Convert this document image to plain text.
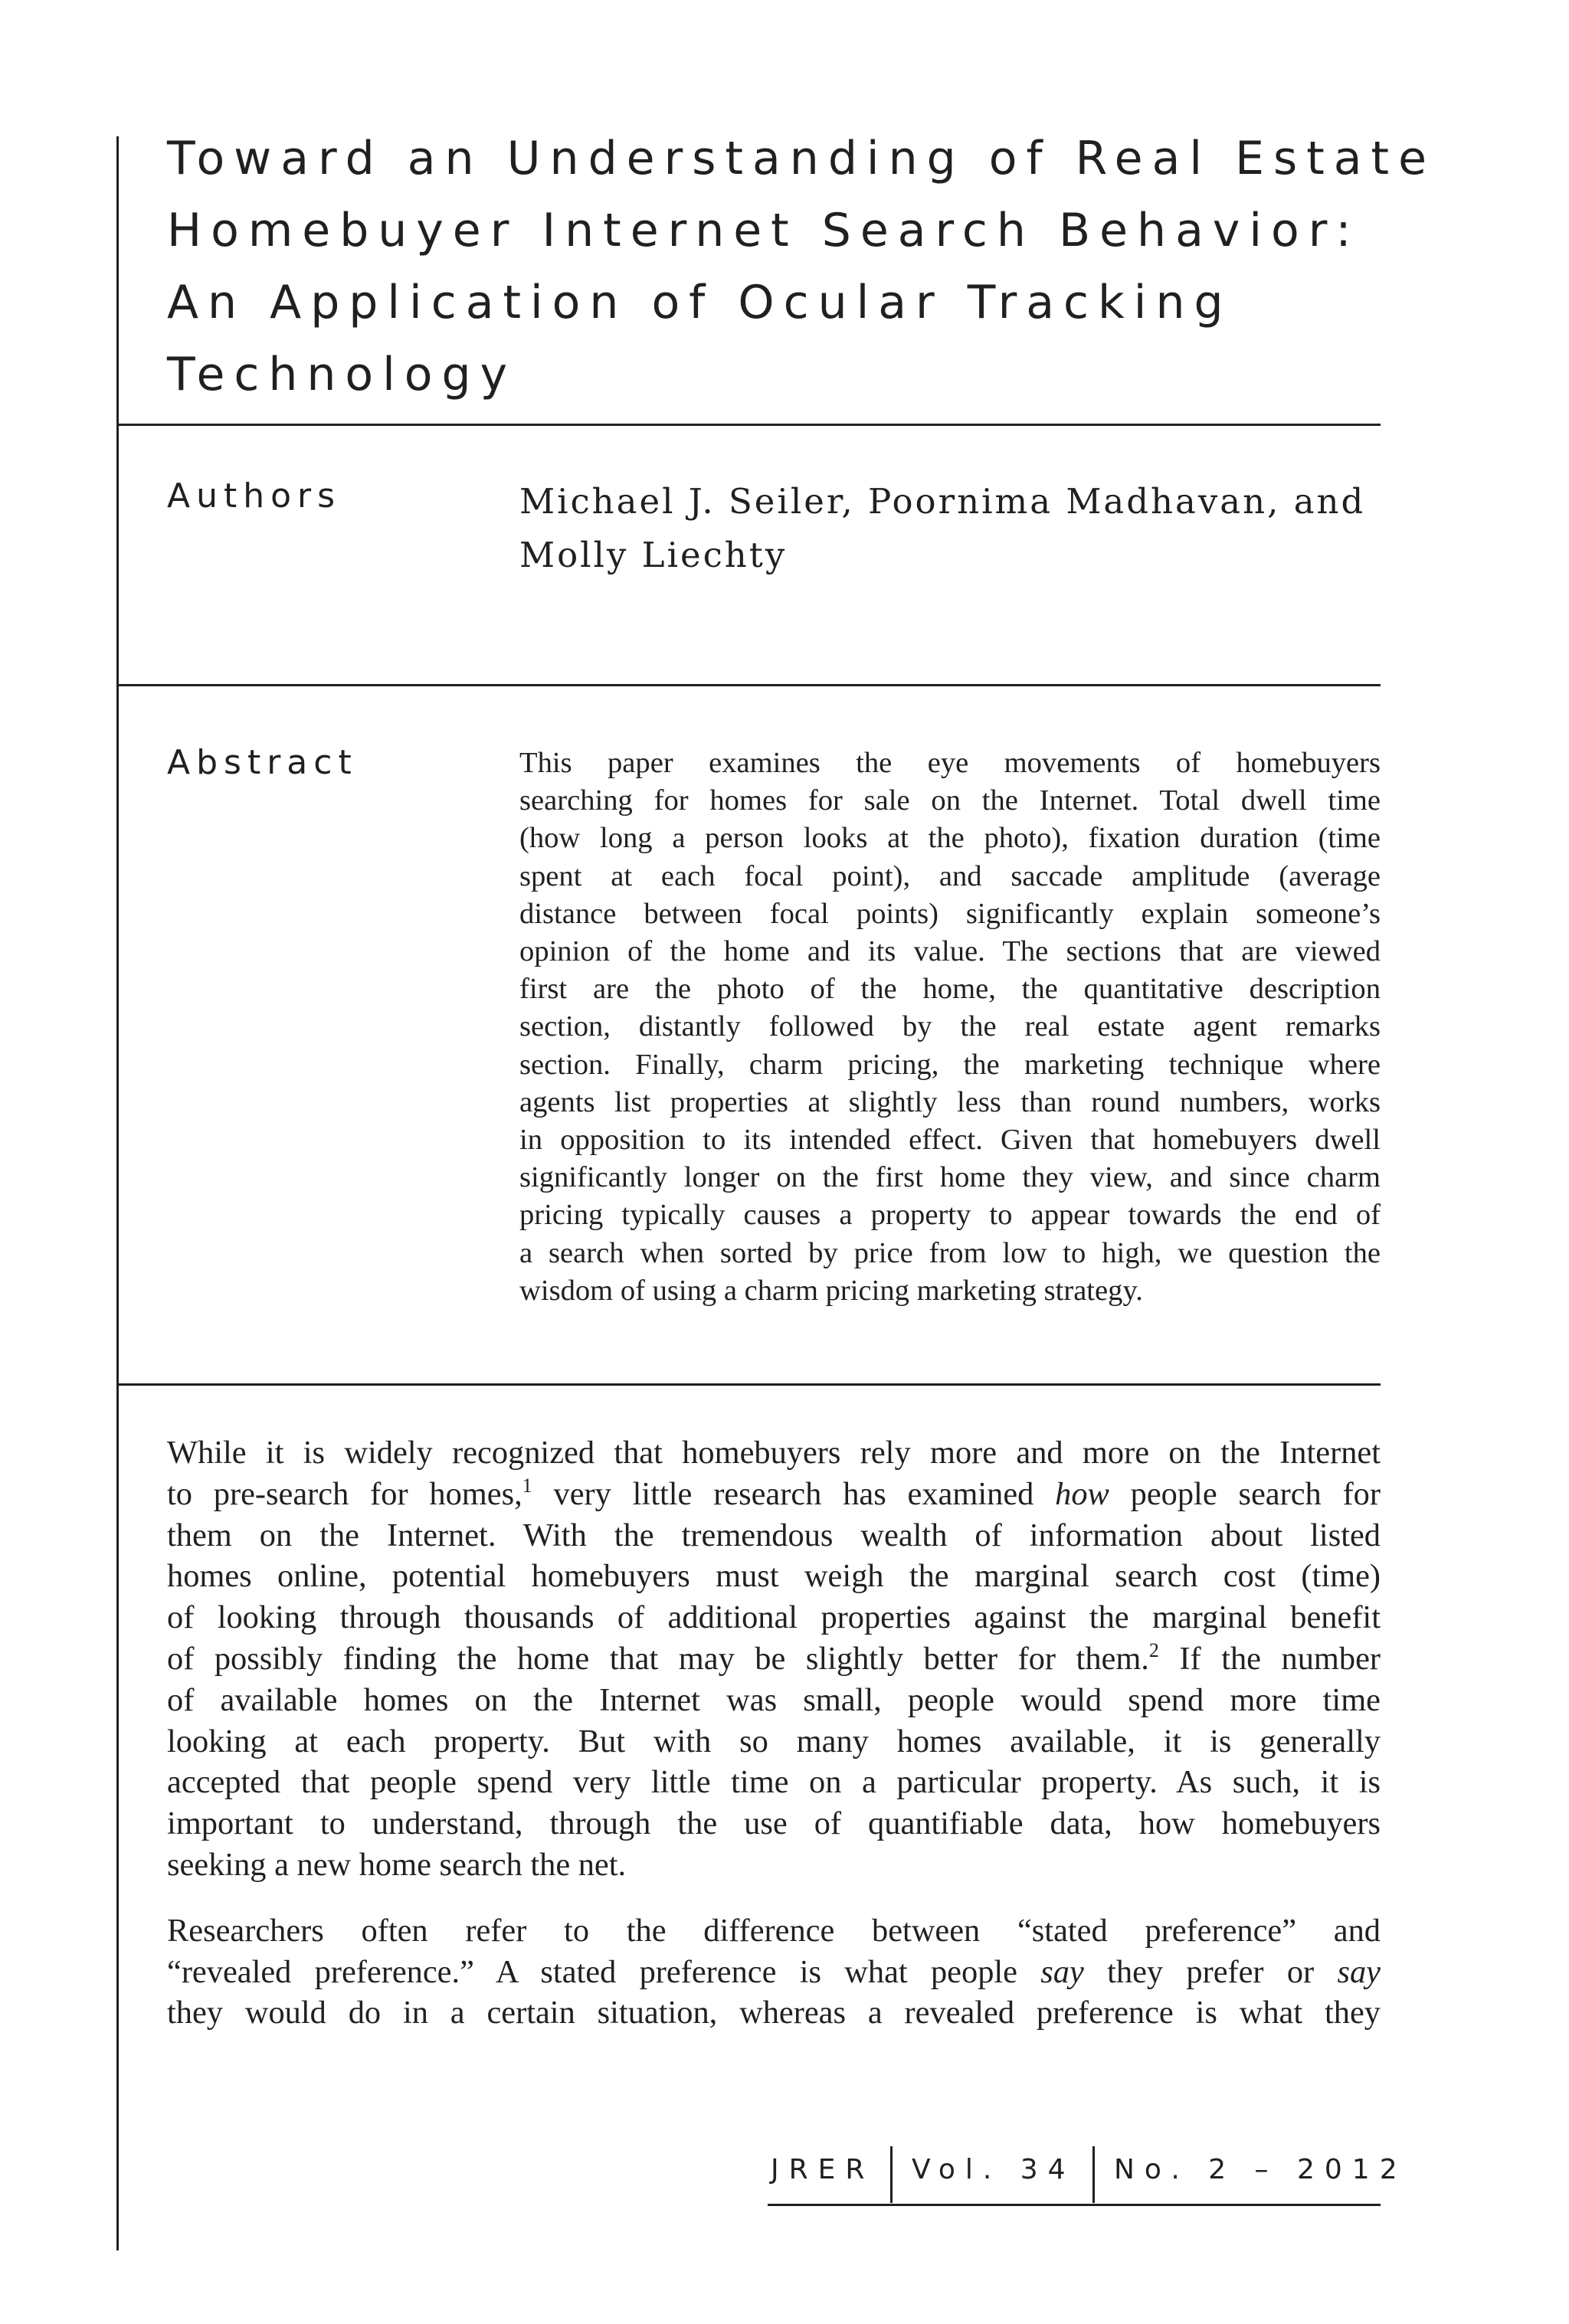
Toward an Understanding of Real Estate
Homebuyer Internet Search Behavior:
An Application of Ocular Tracking
Technology
Authors	Michael J. Seiler, Poornima Madhavan, and
Molly Liechty
Abstract	This paper examines the eye movements of homebuyers
searching for homes for sale on the Internet. Total dwell time
(how long a person looks at the photo), fixation duration (time
spent at each focal point), and saccade amplitude (average
distance between focal points) significantly explain someone’s
opinion of the home and its value. The sections that are viewed
first are the photo of the home, the quantitative description
section, distantly followed by the real estate agent remarks
section. Finally, charm pricing, the marketing technique where
agents list properties at slightly less than round numbers, works
in opposition to its intended effect. Given that homebuyers dwell
significantly longer on the first home they view, and since charm
pricing typically causes a property to appear towards the end of
a search when sorted by price from low to high, we question the
wisdom of using a charm pricing marketing strategy.

While it is widely recognized that homebuyers rely more and more on the Internet
to pre-search for homes,$^1$ very little research has examined how people search for
them on the Internet. With the tremendous wealth of information about listed
homes online, potential homebuyers must weigh the marginal search cost (time)
of looking through thousands of additional properties against the marginal benefit
of possibly finding the home that may be slightly better for them.$^2$ If the number
of available homes on the Internet was small, people would spend more time
looking at each property. But with so many homes available, it is generally
accepted that people spend very little time on a particular property. As such, it is
important to understand, through the use of quantifiable data, how homebuyers
seeking a new home search the net.

Researchers often refer to the difference between “stated preference” and
“revealed preference.” A stated preference is what people say they prefer or say
they would do in a certain situation, whereas a revealed preference is what they

JRER Vol. 34 No. 2 – 2012
